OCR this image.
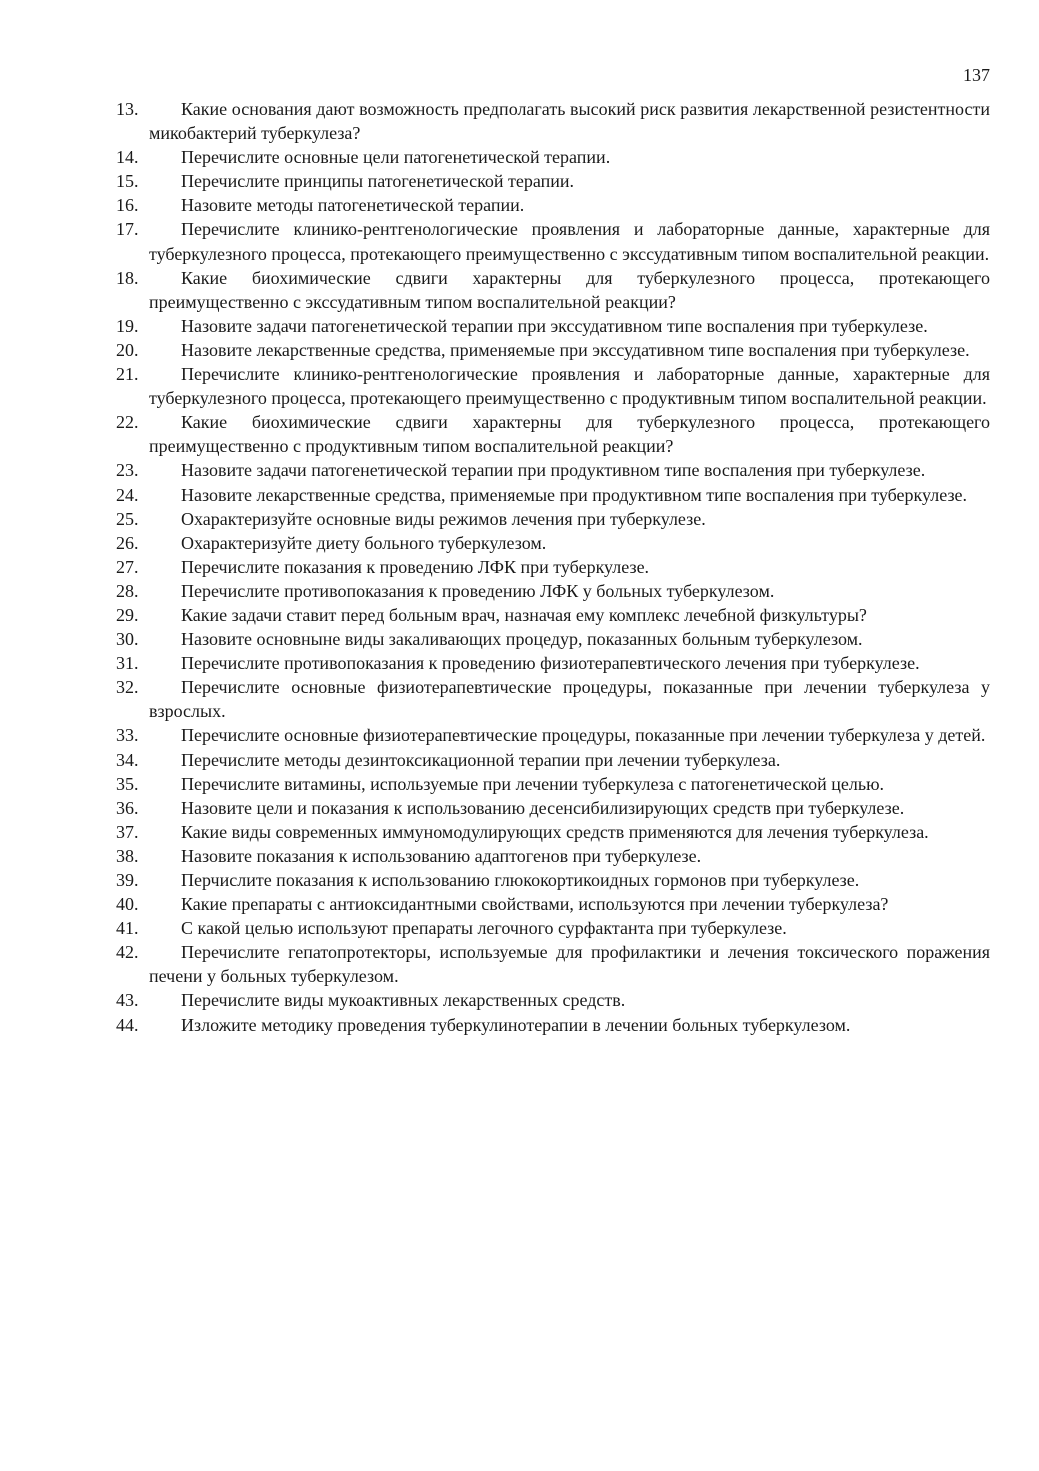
137
13.	Какие основания дают возможность предполагать высокий риск развития лекарственной резистентности микобактерий туберкулеза?
14.	Перечислите основные цели патогенетической терапии.
15.	Перечислите принципы патогенетической терапии.
16.	Назовите методы патогенетической терапии.
17.	Перечислите клинико-рентгенологические проявления и лабораторные данные, характерные для туберкулезного процесса, протекающего преимущественно с экссудативным типом воспалительной реакции.
18.	Какие биохимические сдвиги характерны для туберкулезного процесса, протекающего преимущественно с экссудативным типом воспалительной реакции?
19.	Назовите задачи патогенетической терапии при экссудативном типе воспаления при туберкулезе.
20.	Назовите лекарственные средства, применяемые при экссудативном типе воспаления при туберкулезе.
21.	Перечислите клинико-рентгенологические проявления и лабораторные данные, характерные для туберкулезного процесса, протекающего преимущественно с продуктивным типом воспалительной реакции.
22.	Какие биохимические сдвиги характерны для туберкулезного процесса, протекающего преимущественно с продуктивным типом воспалительной реакции?
23.	Назовите задачи патогенетической терапии при продуктивном типе воспаления при туберкулезе.
24.	Назовите лекарственные средства, применяемые при продуктивном типе воспаления при туберкулезе.
25.	Охарактеризуйте основные виды режимов лечения при туберкулезе.
26.	Охарактеризуйте диету больного туберкулезом.
27.	Перечислите показания к проведению ЛФК при туберкулезе.
28.	Перечислите противопоказания к проведению ЛФК у больных туберкулезом.
29.	Какие задачи ставит перед больным врач, назначая ему комплекс лечебной физкультуры?
30.	Назовите основныне виды закаливающих процедур, показанных больным туберкулезом.
31.	Перечислите противопоказания к проведению физиотерапевтического лечения при туберкулезе.
32.	Перечислите основные физиотерапевтические процедуры, показанные при лечении туберкулеза у взрослых.
33.	Перечислите основные физиотерапевтические процедуры, показанные при лечении туберкулеза у детей.
34.	Перечислите методы дезинтоксикационной терапии при лечении туберкулеза.
35.	Перечислите витамины, используемые при лечении туберкулеза с патогенетической целью.
36.	Назовите цели и показания к использованию десенсибилизирующих средств при туберкулезе.
37.	Какие виды современных иммуномодулирующих средств применяются для лечения туберкулеза.
38.	Назовите показания к использованию адаптогенов при туберкулезе.
39.	Перчислите показания к использованию глюкокортикоидных гормонов при туберкулезе.
40.	Какие препараты с антиоксидантными свойствами, используются при лечении туберкулеза?
41.	С какой целью используют препараты легочного сурфактанта при туберкулезе.
42.	Перечислите гепатопротекторы, используемые для профилактики и лечения токсического поражения печени у больных туберкулезом.
43.	Перечислите виды мукоактивных лекарственных средств.
44.	Изложите методику проведения туберкулинотерапии в лечении больных туберкулезом.
